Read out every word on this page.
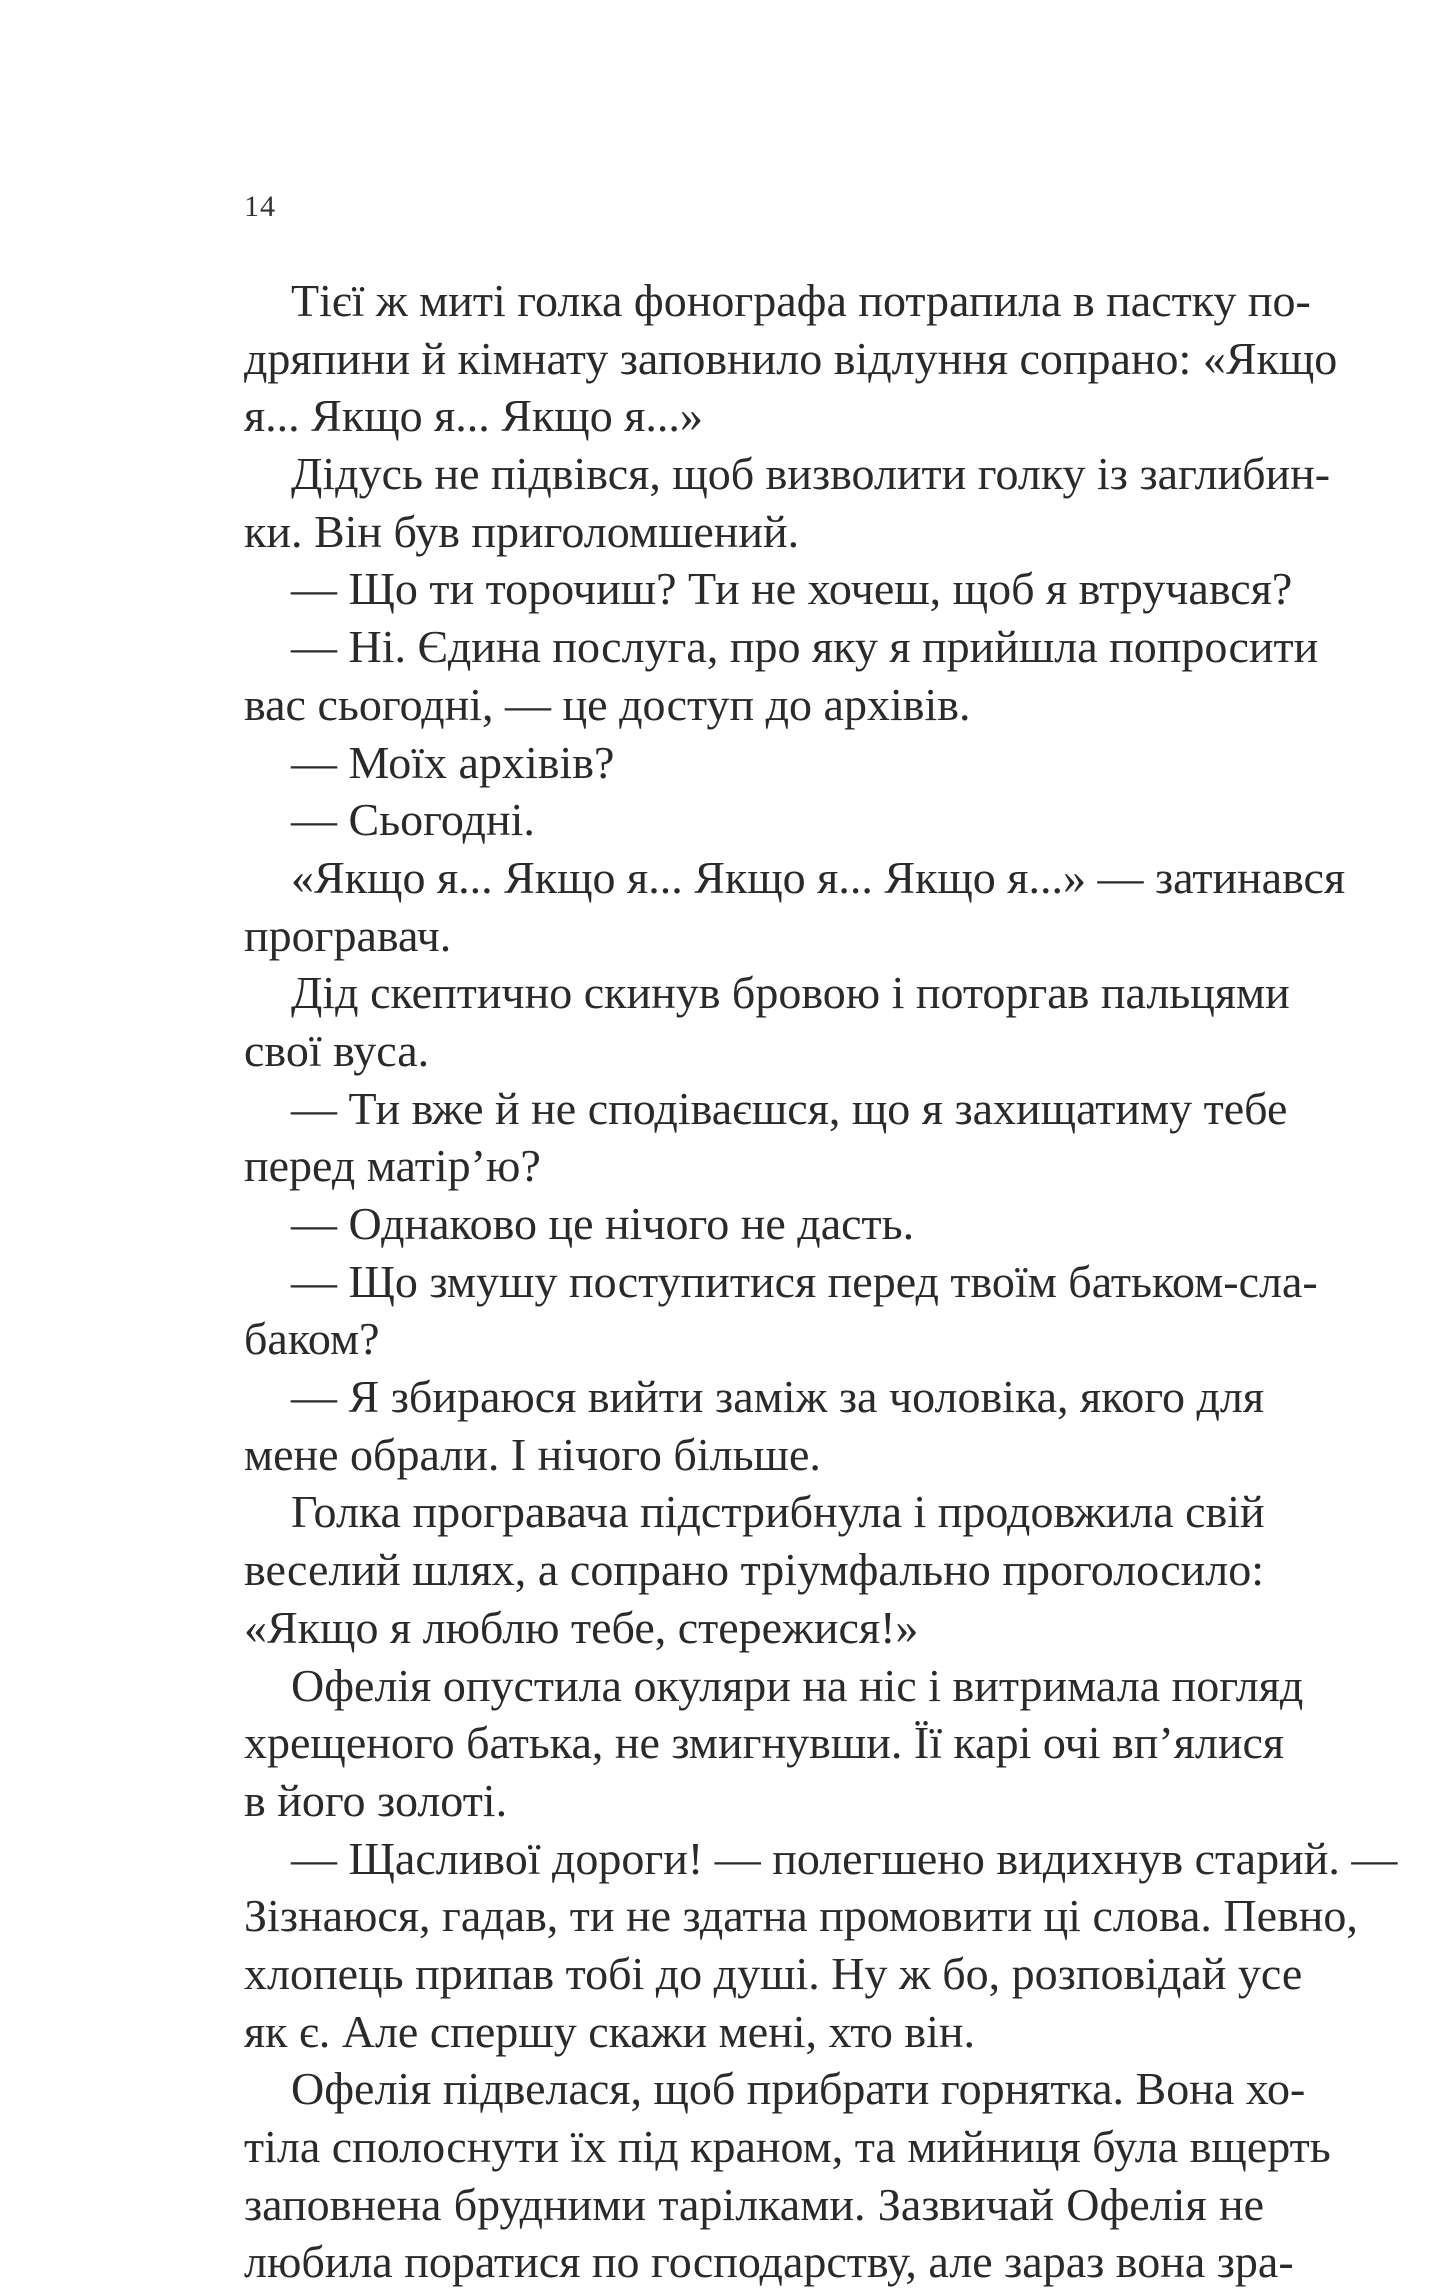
14
Тієї ж миті голка фонографа потрапила в пастку по-
дряпини й кімнату заповнило відлуння сопрано: «Якщо
я... Якщо я... Якщо я...»
Дідусь не підвівся, щоб визволити голку із заглибин-
ки. Він був приголомшений.
— Що ти торочиш? Ти не хочеш, щоб я втручався?
— Ні. Єдина послуга, про яку я прийшла попросити
вас сьогодні, — це доступ до архівів.
— Моїх архівів?
— Сьогодні.
«Якщо я... Якщо я... Якщо я... Якщо я...» — затинався
програвач.
Дід скептично скинув бровою і поторгав пальцями
свої вуса.
— Ти вже й не сподіваєшся, що я захищатиму тебе
перед матір’ю?
— Однаково це нічого не дасть.
— Що змушу поступитися перед твоїм батьком-сла-
баком?
— Я збираюся вийти заміж за чоловіка, якого для
мене обрали. І нічого більше.
Голка програвача підстрибнула і продовжила свій
веселий шлях, а сопрано тріумфально проголосило:
«Якщо я люблю тебе, стережися!»
Офелія опустила окуляри на ніс і витримала погляд
хрещеного батька, не змигнувши. Її карі очі вп’ялися
в його золоті.
— Щасливої дороги! — полегшено видихнув старий. —
Зізнаюся, гадав, ти не здатна промовити ці слова. Певно,
хлопець припав тобі до душі. Ну ж бо, розповідай усе
як є. Але спершу скажи мені, хто він.
Офелія підвелася, щоб прибрати горнятка. Вона хо-
тіла сполоснути їх під краном, та мийниця була вщерть
заповнена брудними тарілками. Зазвичай Офелія не
любила поратися по господарству, але зараз вона зра-
